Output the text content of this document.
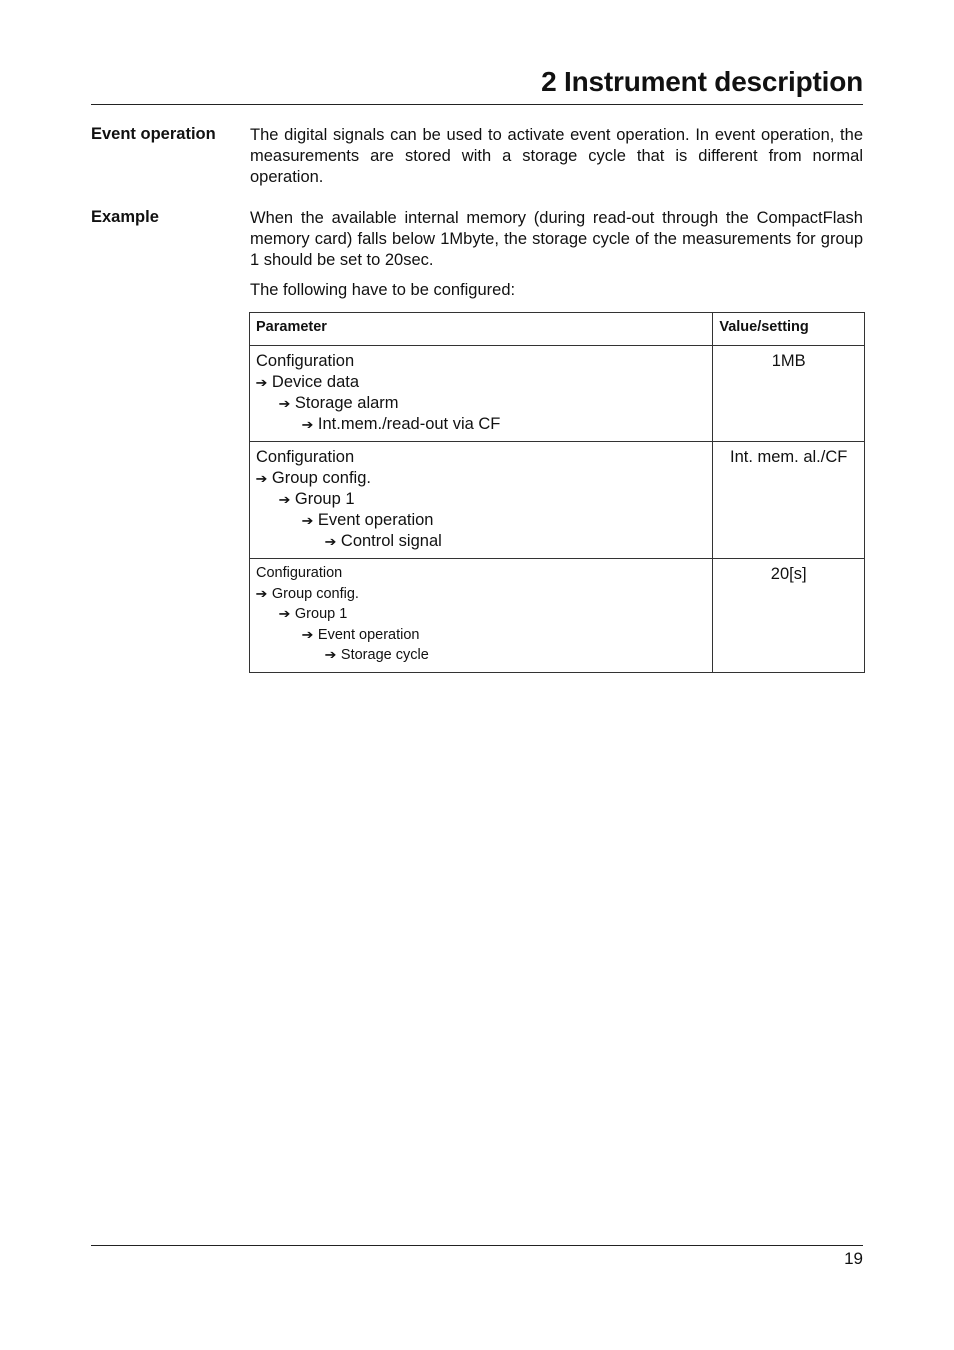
2 Instrument description
Event operation The digital signals can be used to activate event operation. In event operation, the measurements are stored with a storage cycle that is different from normal operation.
Example	When the available internal memory (during read-out through the CompactFlash memory card) falls below 1Mbyte, the storage cycle of the measurements for group 1 should be set to 20sec.
The following have to be configured:
Parameter	Value/setting

Configuration
➔ Device data
➔ Storage alarm
➔ Int.mem./read-out via CF	1MB

Configuration
➔ Group config.
➔ Group 1
➔ Event operation
➔ Control signal	Int. mem. al./CF

Configuration
➔ Group config.
➔ Group 1
➔ Event operation
➔ Storage cycle	20[s]
19
